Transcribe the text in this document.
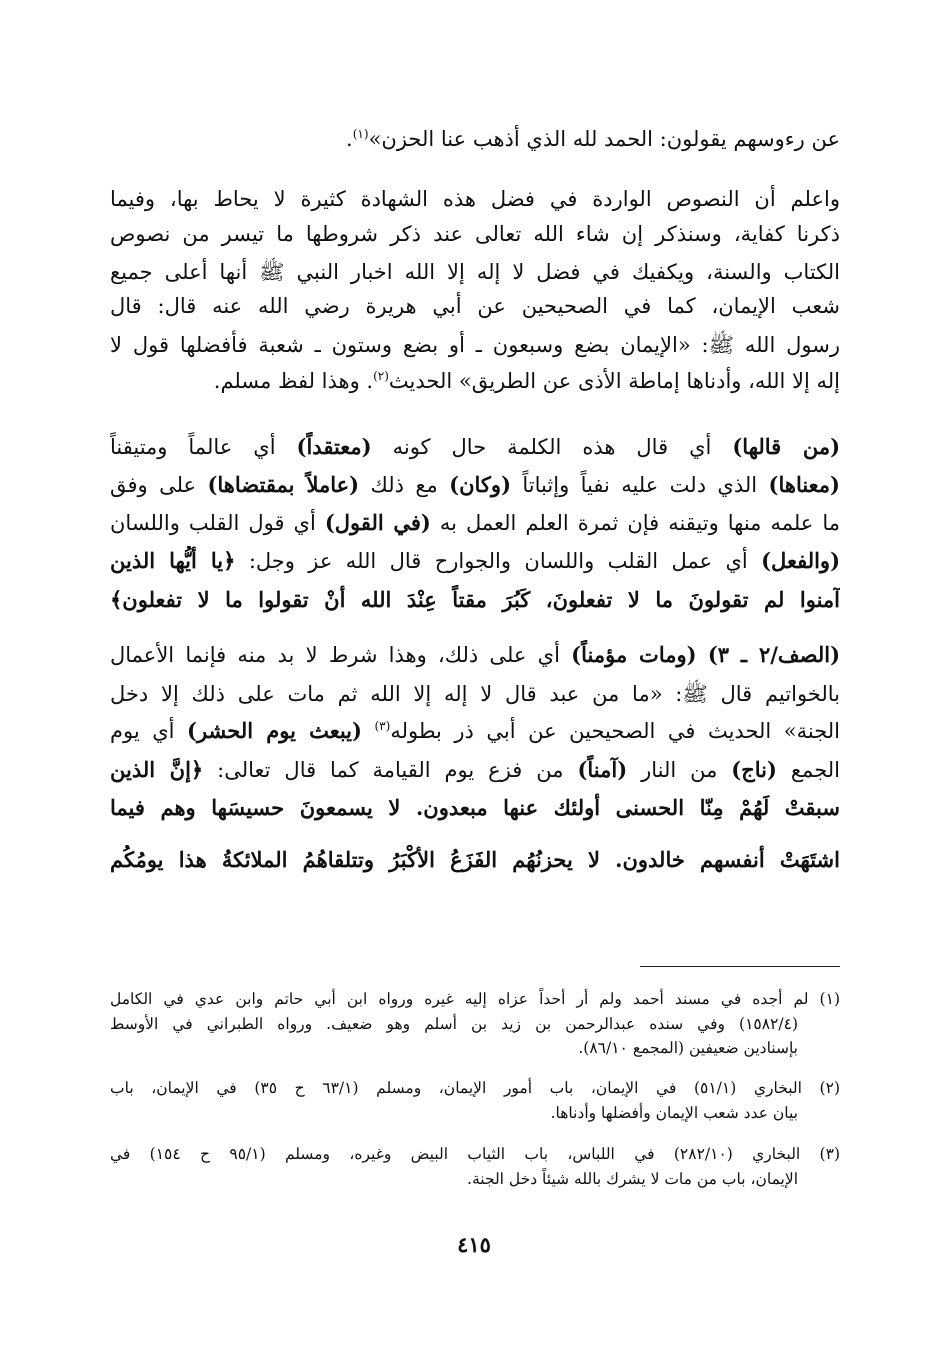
عن رءوسهم يقولون: الحمد لله الذي أذهب عنا الحزن»$^{(١)}$.
واعلم أن النصوص الواردة في فضل هذه الشهادة كثيرة لا يحاط بها، وفيما
ذكرنا كفاية، وسنذكر إن شاء الله تعالى عند ذكر شروطها ما تيسر من نصوص
الكتاب والسنة، ويكفيك في فضل لا إله إلا الله اخبار النبي ﷺ أنها أعلى جميع
شعب الإيمان، كما في الصحيحين عن أبي هريرة رضي الله عنه قال: قال
رسول الله ﷺ: «الإيمان بضع وسبعون ـ أو بضع وستون ـ شعبة فأفضلها قول لا
إله إلا الله، وأدناها إماطة الأذى عن الطريق» الحديث$^{(٢)}$. وهذا لفظ مسلم.
(من قالها) أي قال هذه الكلمة حال كونه (معتقداً) أي عالماً ومتيقناً
(معناها) الذي دلت عليه نفياً وإثباتاً (وكان) مع ذلك (عاملاً بمقتضاها) على وفق
ما علمه منها وتيقنه فإن ثمرة العلم العمل به (في القول) أي قول القلب واللسان
(والفعل) أي عمل القلب واللسان والجوارح قال الله عز وجل: ﴿يا أيُّها الذين
آمنوا لم تقولونَ ما لا تفعلونَ، كَبُرَ مقتاً عِنْدَ الله أنْ تقولوا ما لا تفعلون﴾
(الصف/٢ ـ ٣) (ومات مؤمناً) أي على ذلك، وهذا شرط لا بد منه فإنما الأعمال
بالخواتيم قال ﷺ: «ما من عبد قال لا إله إلا الله ثم مات على ذلك إلا دخل
الجنة» الحديث في الصحيحين عن أبي ذر بطوله$^{(٣)}$ (يبعث يوم الحشر) أي يوم
الجمع (ناج) من النار (آمناً) من فزع يوم القيامة كما قال تعالى: ﴿إنَّ الذين
سبقتْ لَهُمْ مِنّا الحسنى أولئك عنها مبعدون. لا يسمعونَ حسيسَها وهم فيما
اشتَهَتْ أنفسهم خالدون. لا يحزنُهُم الفَزَعُ الأكْبَرُ وتتلقاهُمُ الملائكةُ هذا يومُكُم
(١) لم أجده في مسند أحمد ولم أر أحداً عزاه إليه غيره ورواه ابن أبي حاتم وابن عدي في الكامل
(١٥٨٢/٤) وفي سنده عبدالرحمن بن زيد بن أسلم وهو ضعيف. ورواه الطبراني في الأوسط
بإسنادين ضعيفين (المجمع ٨٦/١٠).
(٢) البخاري (٥١/١) في الإيمان، باب أمور الإيمان، ومسلم (٦٣/١ ح ٣٥) في الإيمان، باب
بيان عدد شعب الإيمان وأفضلها وأدناها.
(٣) البخاري (٢٨٢/١٠) في اللباس، باب الثياب البيض وغيره، ومسلم (٩٥/١ ح ١٥٤) في
الإيمان، باب من مات لا يشرك بالله شيئاً دخل الجنة.
٤١٥
